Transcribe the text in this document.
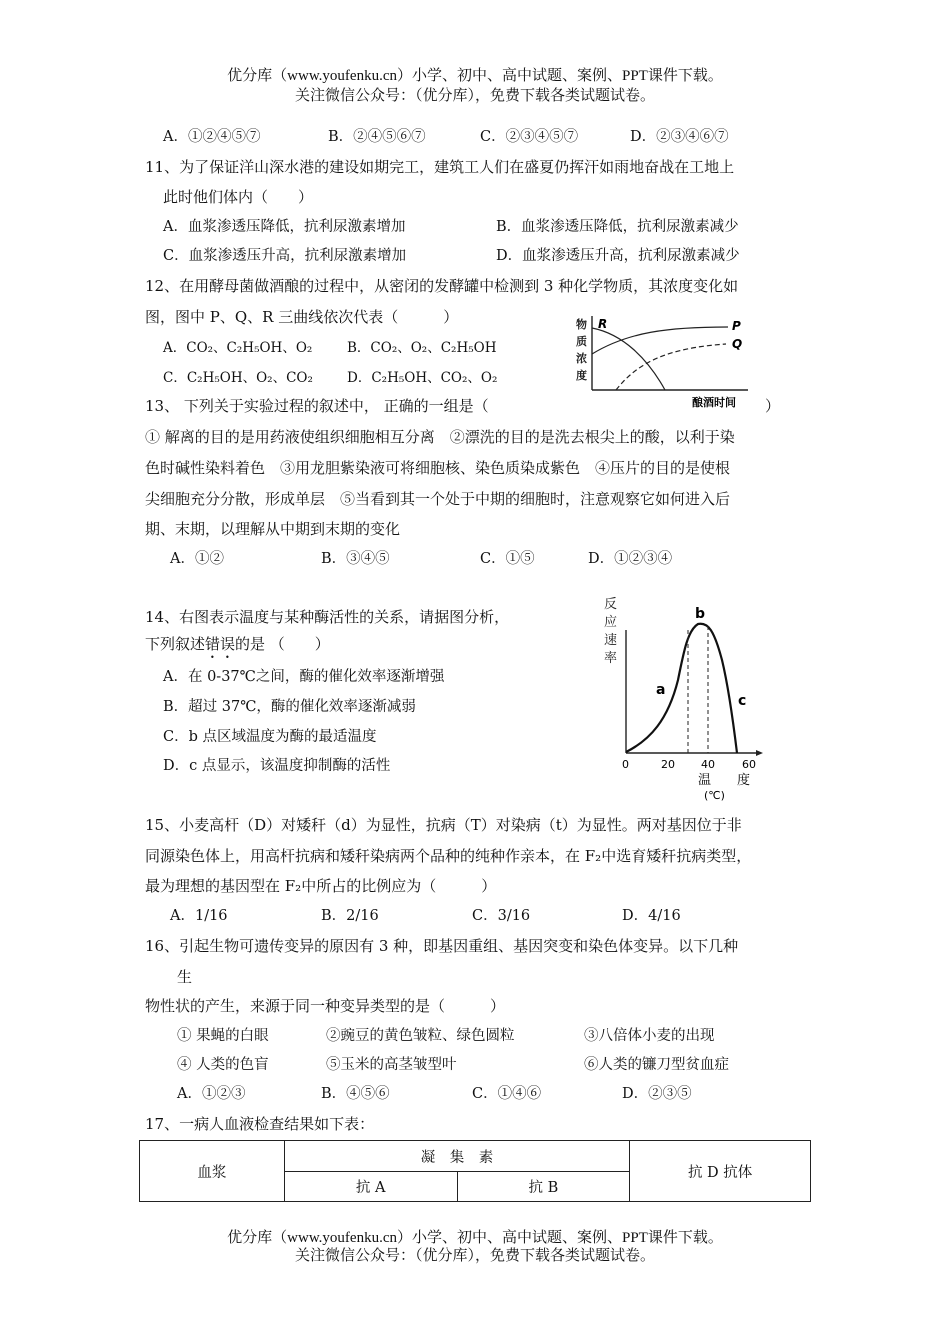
优分库（www.youfenku.cn）小学、初中、高中试题、案例、PPT课件下载。
关注微信公众号：（优分库），免费下载各类试题试卷。
A．①②④⑤⑦	B．②④⑤⑥⑦	C．②③④⑤⑦	D．②③④⑥⑦
11、为了保证洋山深水港的建设如期完工，建筑工人们在盛夏仍挥汗如雨地奋战在工地上
此时他们体内（　　）
A．血浆渗透压降低，抗利尿激素增加	B．血浆渗透压降低，抗利尿激素减少
C．血浆渗透压升高，抗利尿激素增加	D．血浆渗透压升高，抗利尿激素减少
12、在用酵母菌做酒酿的过程中，从密闭的发酵罐中检测到 3 种化学物质，其浓度变化如
图，图中 P、Q、R 三曲线依次代表（　　　）
A．CO₂、C₂H₅OH、O₂	B．CO₂、O₂、C₂H₅OH
C．C₂H₅OH、O₂、CO₂	D．C₂H₅OH、CO₂、O₂
物
质
浓
度
R	P
Q
酿酒时间
13、 下列关于实验过程的叙述中， 正确的一组是（	）
① 解离的目的是用药液使组织细胞相互分离　②漂洗的目的是洗去根尖上的酸，以利于染
色时碱性染料着色　③用龙胆紫染液可将细胞核、染色质染成紫色　④压片的目的是使根
尖细胞充分分散，形成单层　⑤当看到其一个处于中期的细胞时，注意观察它如何进入后
期、末期，以理解从中期到末期的变化
A．①②	B．③④⑤	C．①⑤	D．①②③④
14、右图表示温度与某种酶活性的关系，请据图分析，
下列叙述错误的是 （　　）
A．在 0-37℃之间，酶的催化效率逐渐增强
B．超过 37℃，酶的催化效率逐渐减弱
C．b 点区域温度为酶的最适温度
D．c 点显示，该温度抑制酶的活性
反
应
速
率
a
b
c
0	20 40 60
温　　度
(℃)
15、小麦高杆（D）对矮秆（d）为显性，抗病（T）对染病（t）为显性。两对基因位于非
同源染色体上，用高杆抗病和矮秆染病两个品种的纯种作亲本，在 F₂中选育矮秆抗病类型，
最为理想的基因型在 F₂中所占的比例应为（　　　）
A．1/16	B．2/16	C．3/16	D．4/16
16、引起生物可遗传变异的原因有 3 种，即基因重组、基因突变和染色体变异。以下几种
生
物性状的产生，来源于同一种变异类型的是（　　　）
① 果蝇的白眼	②豌豆的黄色皱粒、绿色圆粒	③八倍体小麦的出现
④ 人类的色盲	⑤玉米的高茎皱型叶	⑥人类的镰刀型贫血症
A．①②③	B．④⑤⑥	C．①④⑥	D．②③⑤
17、一病人血液检查结果如下表：
血浆	凝　集　素		抗 D 抗体
	抗 A	抗 B	
优分库（www.youfenku.cn）小学、初中、高中试题、案例、PPT课件下载。
关注微信公众号：（优分库），免费下载各类试题试卷。
